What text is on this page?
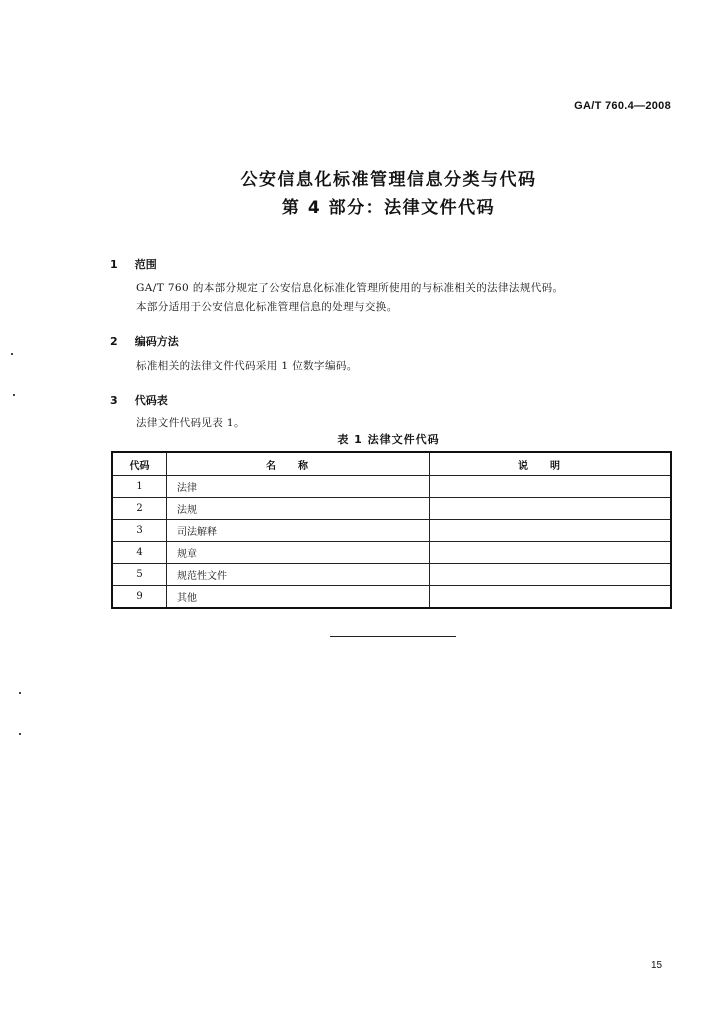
GA/T 760.4—2008
公安信息化标准管理信息分类与代码
第 4 部分：法律文件代码
1 范围
GA/T 760 的本部分规定了公安信息化标准化管理所使用的与标准相关的法律法规代码。
本部分适用于公安信息化标准管理信息的处理与交换。
2 编码方法
标准相关的法律文件代码采用 1 位数字编码。
3 代码表
法律文件代码见表 1。
表 1 法律文件代码
代码	名称	说明
1	法律	
2	法规	
3	司法解释	
4	规章	
5	规范性文件	
9	其他	
15
